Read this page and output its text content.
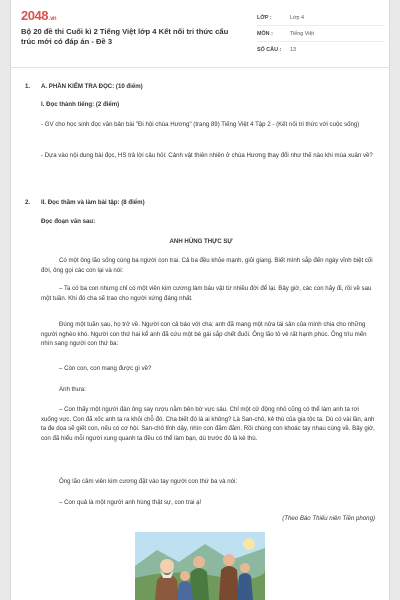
2048.vn
Bộ 20 đề thi Cuối kì 2 Tiếng Việt lớp 4 Kết nối tri thức cấu trúc mới có đáp án - Đề 3
LỚP :	Lớp 4
MÔN :	Tiếng Việt
SỐ CÂU :	13
1. A. PHẦN KIỂM TRA ĐỌC: (10 điểm)
I. Đọc thành tiếng: (2 điểm)
- GV cho học sinh đọc văn bản bài "Đi hội chùa Hương" (trang 89) Tiếng Việt 4 Tập 2 - (Kết nối tri thức với cuộc sống)
- Dựa vào nội dung bài đọc, HS trả lời câu hỏi: Cảnh vật thiên nhiên ở chùa Hương thay đổi như thế nào khi mùa xuân về?
2. II. Đọc thầm và làm bài tập: (8 điểm)
Đọc đoạn văn sau:
ANH HÙNG THỰC SỰ
Có một ông lão sống cùng ba người con trai. Cả ba đều khỏe mạnh, giỏi giang. Biết mình sắp đến ngày vĩnh biệt cõi đời, ông gọi các con lại và nói:
– Ta có ba con nhưng chỉ có một viên kim cương làm báu vật từ nhiều đời để lại. Bây giờ, các con hãy đi, rồi về sau một tuần. Khi đó cha sẽ trao cho người xứng đáng nhất.
Đúng một tuần sau, họ trở về. Người con cả báo với cha: anh đã mang một nửa tài sản của mình chia cho những người nghèo khó. Người con thứ hai kể anh đã cứu một bé gái sắp chết đuối. Ông lão tỏ vẻ rất hạnh phúc. Ông trìu mến nhìn sang người con thứ ba:
– Còn con, con mang được gì về?
Anh thưa:
– Con thấy một người đàn ông say rượu nằm bên bờ vực sâu. Chỉ một cử động nhỏ cũng có thể làm anh ta rơi xuống vực. Con đã xốc anh ta ra khỏi chỗ đó. Cha biết đó là ai không? Là San-chô, kẻ thù của gia tộc ta. Dù có vài lần, anh ta đe dọa sẽ giết con, nếu có cơ hội. San-chô tỉnh dậy, nhìn con đăm đăm. Rồi chúng con khoác tay nhau cùng về. Bây giờ, con đã hiểu mỗi người xung quanh ta đều có thể làm bạn, dù trước đó là kẻ thù.
Ông lão cầm viên kim cương đặt vào tay người con thứ ba và nói:
– Con quả là một người anh hùng thật sự, con trai ạ!
(Theo Báo Thiếu niên Tiền phong)
